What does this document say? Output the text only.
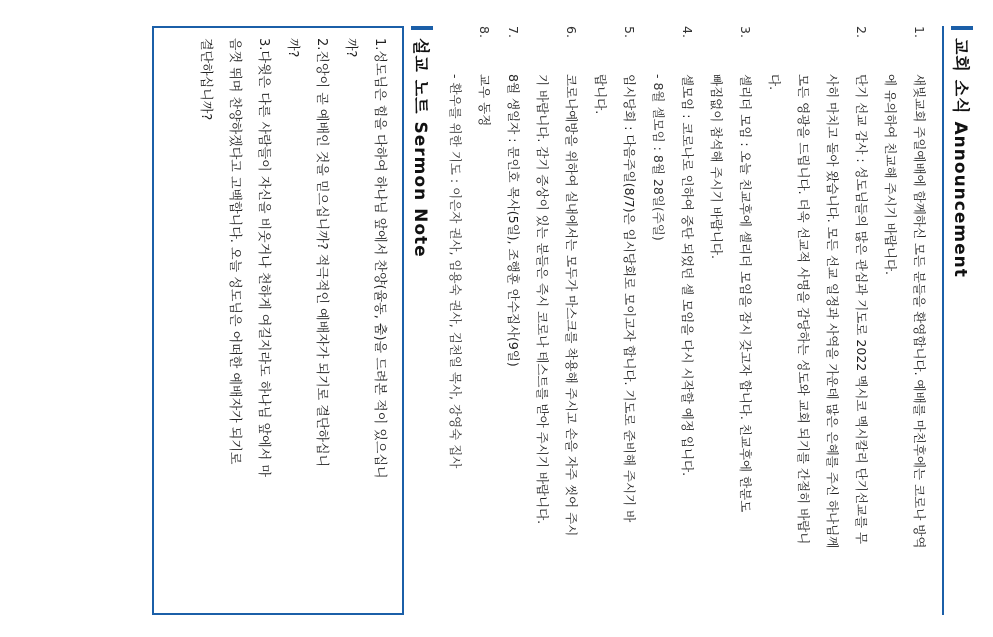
교회 소식 Announcement
1.
새빛교회 주일예배에 함께하신 모든 분들을 환영합니다. 예배를 마친후에는 코로나 방역
에 유의하여 친교해 주시기 바랍니다.
2.
단기 선교 감사 : 성도님들의 많은 관심과 기도로 2022 멕시코 멕시칼리 단기선교를 무
사히 마치고 돌아 왔습니다. 모든 선교 일정과 사역을 가운데 많은 은혜를 주신 하나님께
모든 영광을 드립니다. 더욱 선교적 사명을 감당하는 성도와 교회 되기를 간절히 바랍니
다.
3.
셀리더 모임 : 오늘 친교후에 셀리더 모임을 잠시 갖고자 합니다. 친교후에 한분도
빠짐없이 참석해 주시기 바랍니다.
4.
셀모임 : 코로나로 인하여 중단 되었던 셀 모임을 다시 시작할 예정 입니다.
- 8월 셀모임 : 8월 28일(주일)
5.
임시당회 : 다음주일(8/7)은 임시당회로 모이고자 합니다. 기도로 준비해 주시기 바
랍니다.
6.
코로나예방을 위하여 실내에서는 모두가 마스크를 착용해 주시고 손을 자주 씻어 주시
기 바랍니다. 감기 증상이 있는 분들은 즉시 코로나 테스트를 받아 주시기 바랍니다.
7.
8월 생일자 : 문인호 목사(5일), 조행훈 안수집사(9일)
8.
교우 동정
- 환우를 위한 기도 : 이은자 권사, 임용숙 권사, 김천일 목사, 강영숙 집사
설교 노트 Sermon Note
1.성도님은 힘을 다하여 하나님 앞에서 찬양(율동, 춤)을 드려본 적이 있으십니
까?
2.진앙이 곧 예배인 것을 믿으십니까? 적극적인 예배자가 되기로 결단하십니
까?
3.다윗은 다른 사람들이 자신을 비웃거나 천하게 여길지라도 하나님 앞에서 마
음껏 뛰며 찬양하겠다고 고백합니다. 오늘 성도님은 어떠한 예배자가 되기로
결단하십니까?
